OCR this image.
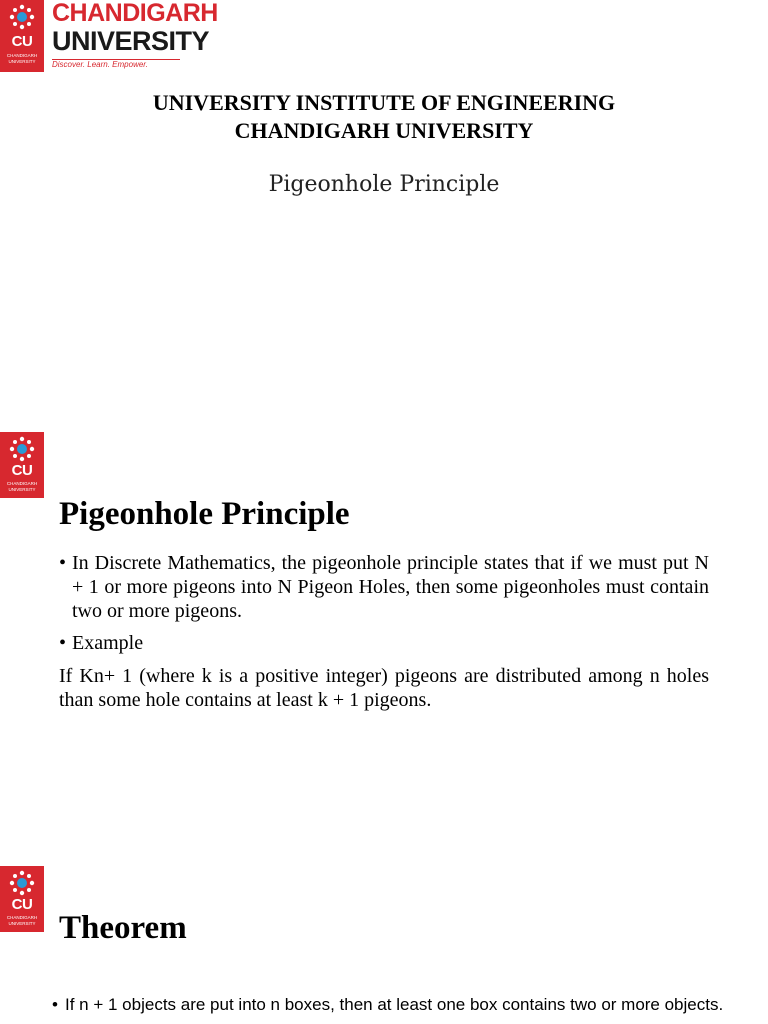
CU
CHANDIGARH
UNIVERSITY
CHANDIGARH
UNIVERSITY
Discover. Learn. Empower.
UNIVERSITY INSTITUTE OF ENGINEERING
CHANDIGARH UNIVERSITY
Pigeonhole Principle
CU
CHANDIGARH
UNIVERSITY
Pigeonhole Principle
• In Discrete Mathematics, the pigeonhole principle states that if we must put N + 1 or more pigeons into N Pigeon Holes, then some pigeonholes must contain two or more pigeons.
• Example
If Kn+ 1 (where k is a positive integer) pigeons are distributed among n holes than some hole contains at least k + 1 pigeons.
CU
CHANDIGARH
UNIVERSITY Theorem
• If n + 1 objects are put into n boxes, then at least one box contains two or more objects.
